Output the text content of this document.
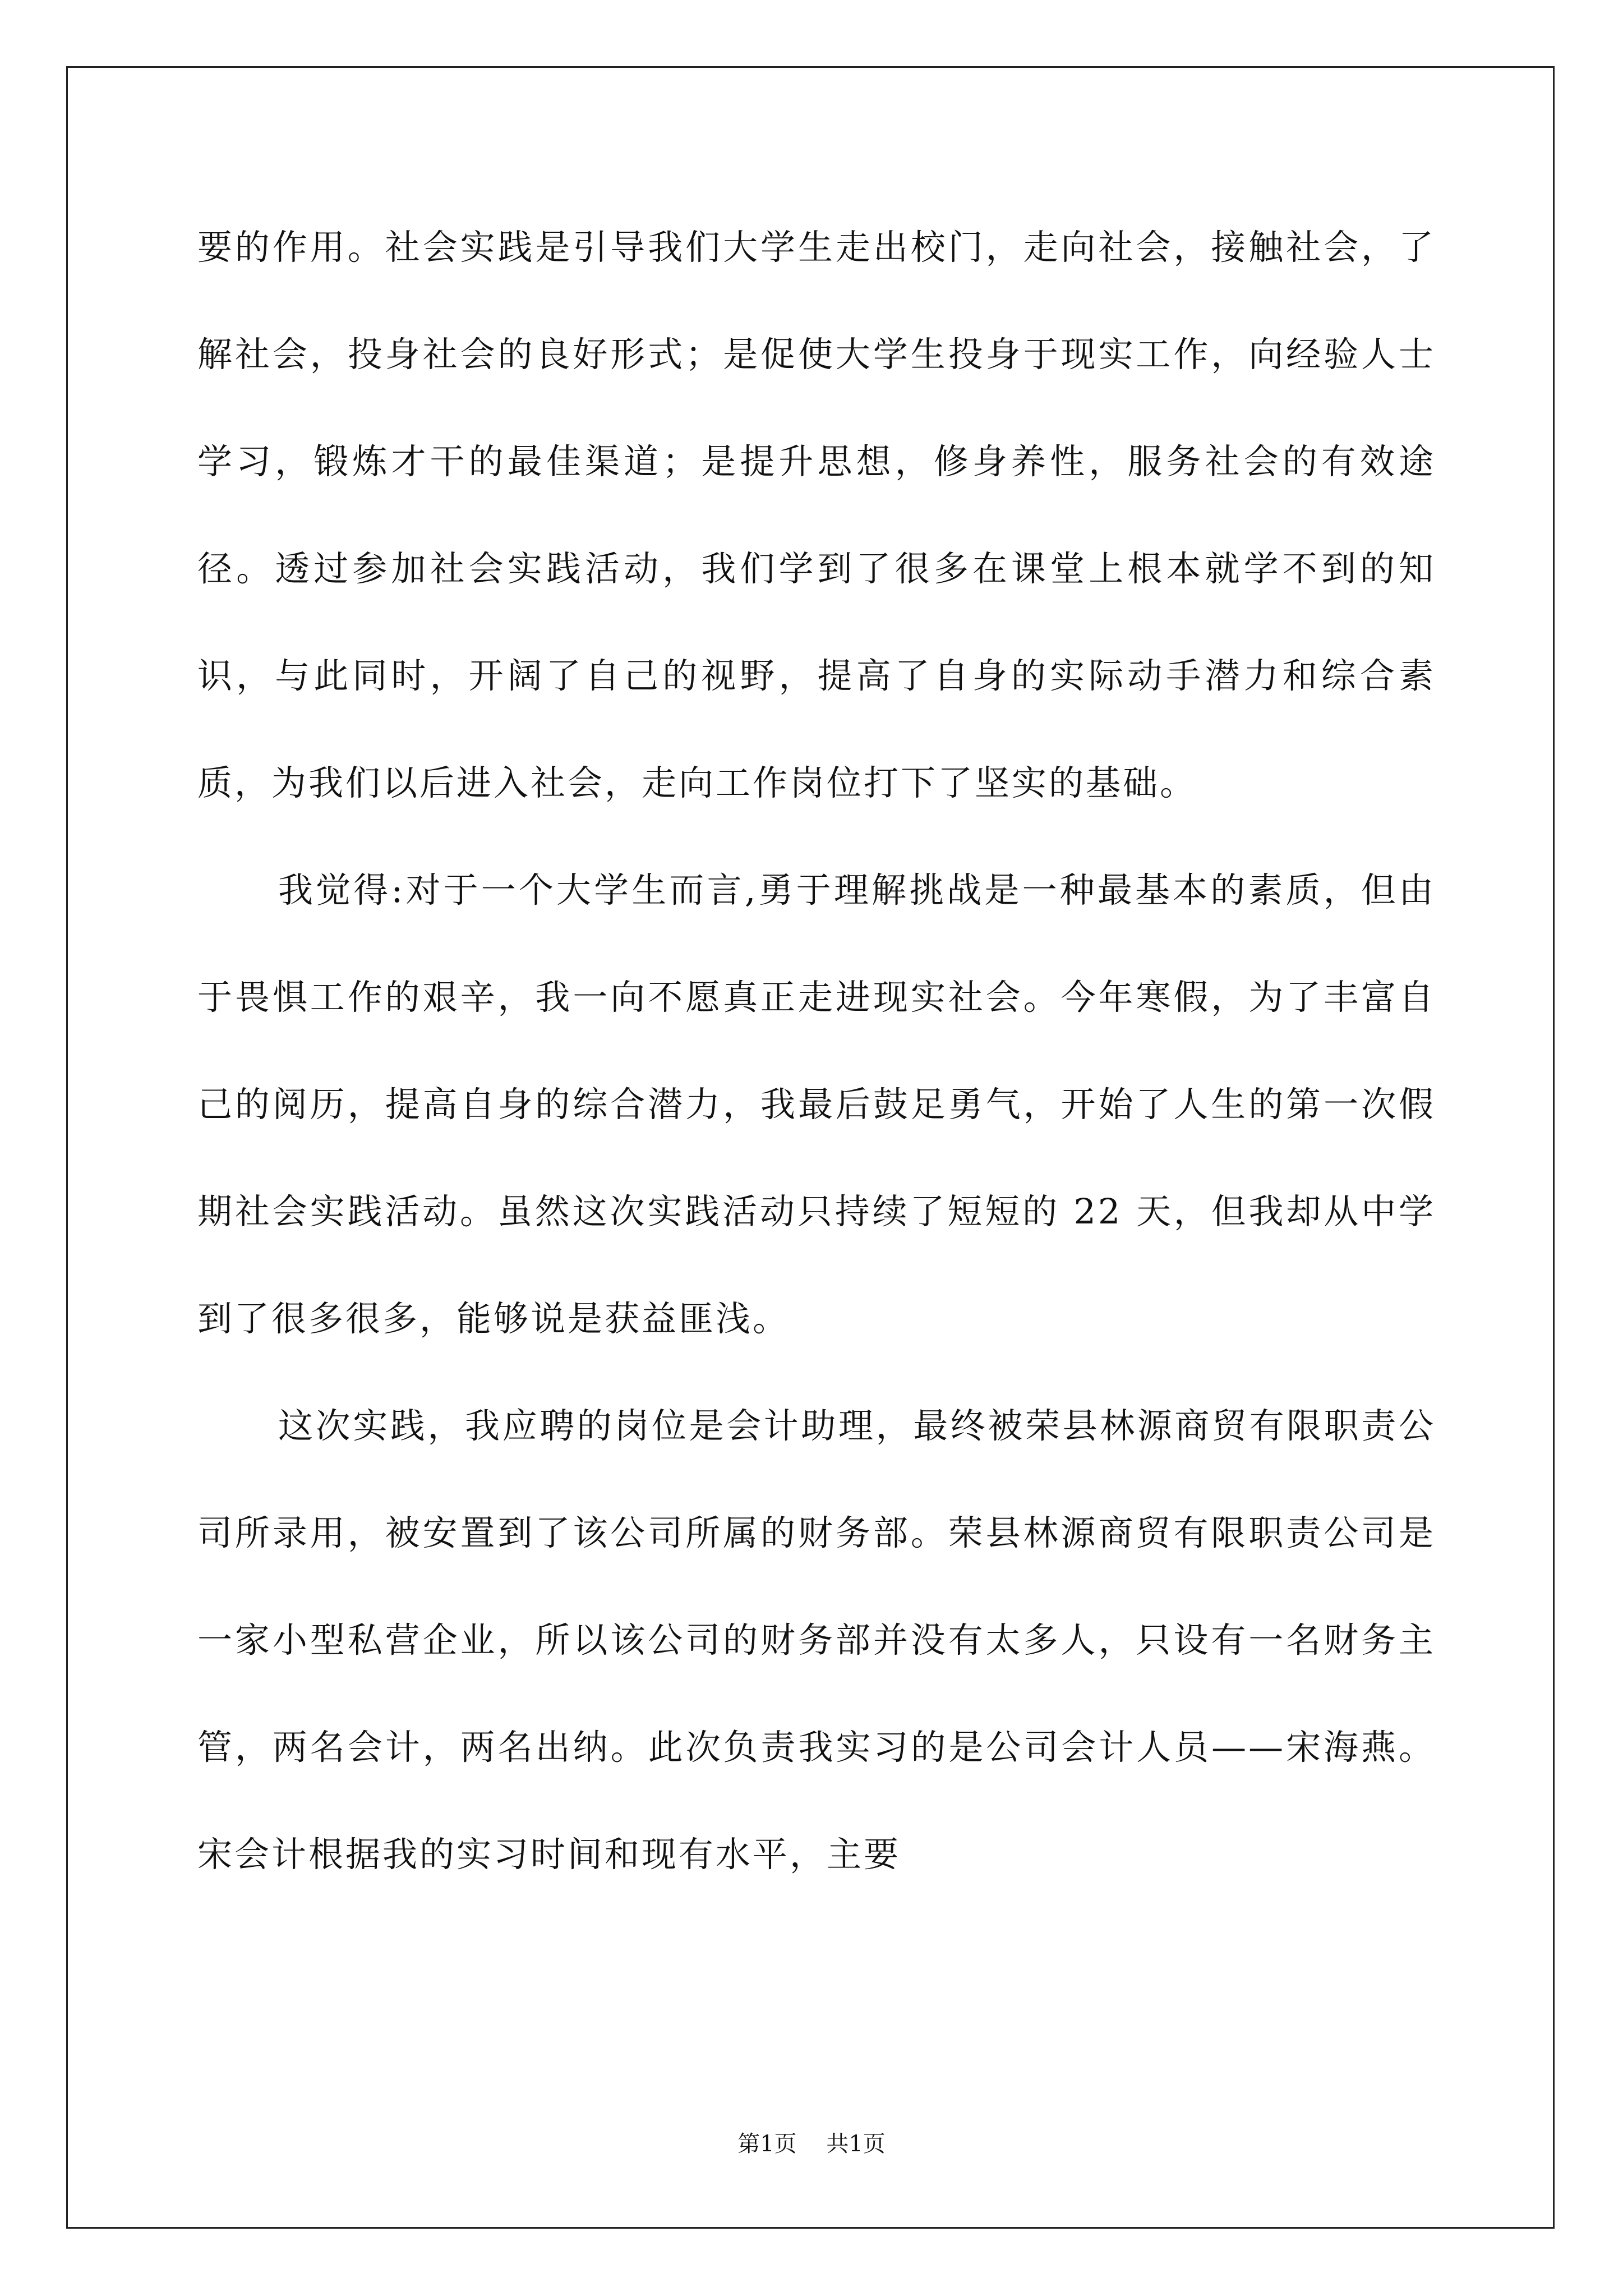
要的作用。社会实践是引导我们大学生走出校门，走向社会，接触社会，了解社会，投身社会的良好形式；是促使大学生投身于现实工作，向经验人士学习，锻炼才干的最佳渠道；是提升思想，修身养性，服务社会的有效途径。透过参加社会实践活动，我们学到了很多在课堂上根本就学不到的知识，与此同时，开阔了自己的视野，提高了自身的实际动手潜力和综合素质，为我们以后进入社会，走向工作岗位打下了坚实的基础。

我觉得:对于一个大学生而言,勇于理解挑战是一种最基本的素质，但由于畏惧工作的艰辛，我一向不愿真正走进现实社会。今年寒假，为了丰富自己的阅历，提高自身的综合潜力，我最后鼓足勇气，开始了人生的第一次假期社会实践活动。虽然这次实践活动只持续了短短的 22 天，但我却从中学到了很多很多，能够说是获益匪浅。

这次实践，我应聘的岗位是会计助理，最终被荣县林源商贸有限职责公司所录用，被安置到了该公司所属的财务部。荣县林源商贸有限职责公司是一家小型私营企业，所以该公司的财务部并没有太多人，只设有一名财务主管，两名会计，两名出纳。此次负责我实习的是公司会计人员——宋海燕。宋会计根据我的实习时间和现有水平，主要

第1页 共1页
